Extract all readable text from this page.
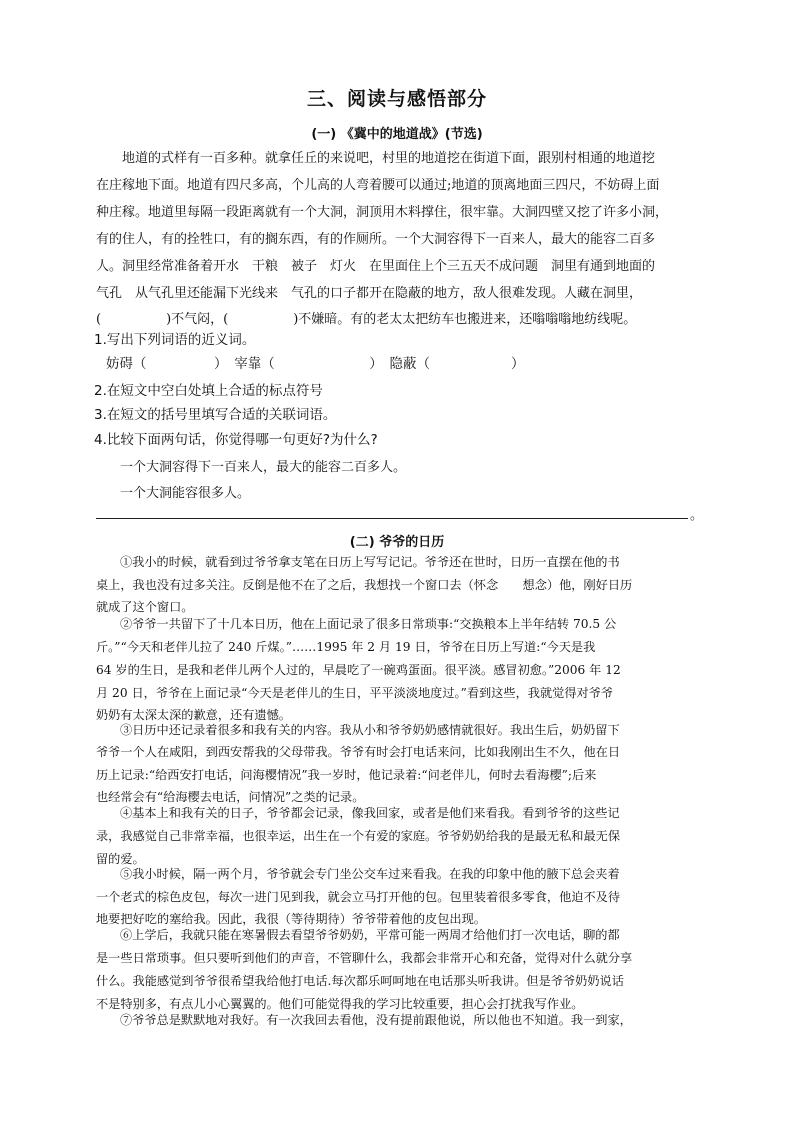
三、阅读与感悟部分
(一) 《冀中的地道战》(节选)
地道的式样有一百多种。就拿任丘的来说吧，村里的地道挖在街道下面，跟别村相通的地道挖
在庄稼地下面。地道有四尺多高，个儿高的人弯着腰可以通过;地道的顶离地面三四尺，不妨碍上面
种庄稼。地道里每隔一段距离就有一个大洞，洞顶用木料撑住，很牢靠。大洞四壁又挖了许多小洞，
有的住人，有的拴牲口，有的搁东西，有的作厕所。一个大洞容得下一百来人，最大的能容二百多
人。洞里经常准备着开水　干粮　被子　灯火　在里面住上个三五天不成问题　洞里有通到地面的
气孔　从气孔里还能漏下光线来　气孔的口子都开在隐蔽的地方，敌人很难发现。人藏在洞里，
(　　　　　)不气闷，(　　　　　)不嫌暗。有的老太太把纺车也搬进来，还嗡嗡嗡地纺线呢。
1.写出下列词语的近义词。
妨碍（　　　　　）　宰靠（　　　　　　　）　隐蔽（　　　　　　）
2.在短文中空白处填上合适的标点符号
3.在短文的括号里填写合适的关联词语。
4.比较下面两句话，你觉得哪一句更好?为什么?
一个大洞容得下一百来人，最大的能容二百多人。
一个大洞能容很多人。
。
(二) 爷爷的日历
①我小的时候，就看到过爷爷拿支笔在日历上写写记记。爷爷还在世时，日历一直摆在他的书
桌上，我也没有过多关注。反倒是他不在了之后，我想找一个窗口去（怀念　　想念）他，刚好日历
就成了这个窗口。
②爷爷一共留下了十几本日历，他在上面记录了很多日常琐事:“交换粮本上半年结转 70.5 公
斤。”“今天和老伴儿拉了 240 斤煤。”……1995 年 2 月 19 日，爷爷在日历上写道:“今天是我
64 岁的生日，是我和老伴儿两个人过的，早晨吃了一碗鸡蛋面。很平淡。感冒初愈。”2006 年 12
月 20 日，爷爷在上面记录“今天是老伴儿的生日，平平淡淡地度过。”看到这些，我就觉得对爷爷
奶奶有太深太深的歉意，还有遗憾。
③日历中还记录着很多和我有关的内容。我从小和爷爷奶奶感情就很好。我出生后，奶奶留下
爷爷一个人在咸阳，到西安帮我的父母带我。爷爷有时会打电话来问，比如我刚出生不久，他在日
历上记录:“给西安打电话，问海樱情况”我一岁时，他记录着:“问老伴儿，何时去看海樱”;后来
也经常会有“给海樱去电话，问情况”之类的记录。
④基本上和我有关的日子，爷爷都会记录，像我回家，或者是他们来看我。看到爷爷的这些记
录，我感觉自己非常幸福，也很幸运，出生在一个有爱的家庭。爷爷奶奶给我的是最无私和最无保
留的爱。
⑤我小时候，隔一两个月，爷爷就会专门坐公交车过来看我。在我的印象中他的腋下总会夹着
一个老式的棕色皮包，每次一进门见到我，就会立马打开他的包。包里装着很多零食，他迫不及待
地要把好吃的塞给我。因此，我很（等待期待）爷爷带着他的皮包出现。
⑥上学后，我就只能在寒暑假去看望爷爷奶奶，平常可能一两周才给他们打一次电话，聊的都
是一些日常琐事。但只要听到他们的声音，不管聊什么，我都会非常开心和充备，觉得对什么就分享
什么。我能感觉到爷爷很希望我给他打电话.每次都乐呵呵地在电话那头听我讲。但是爷爷奶奶说话
不是特别多，有点儿小心翼翼的。他们可能觉得我的学习比较重要，担心会打扰我写作业。
⑦爷爷总是默默地对我好。有一次我回去看他，没有提前跟他说，所以他也不知道。我一到家，
